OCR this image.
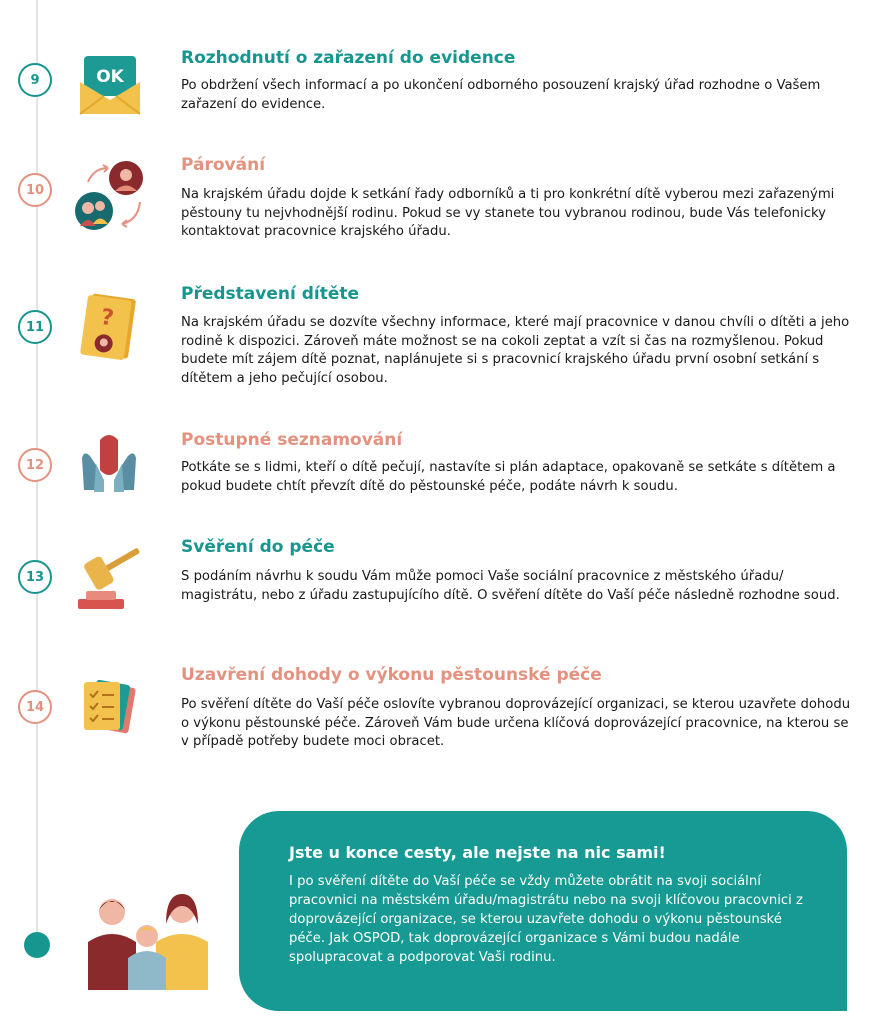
9	OK
Rozhodnutí o zařazení do evidence
Po obdržení všech informací a po ukončení odborného posouzení krajský úřad rozhodne o Vašem zařazení do evidence.
10
Párování
Na krajském úřadu dojde k setkání řady odborníků a ti pro konkrétní dítě vyberou mezi zařazenými pěstouny tu nejvhodnější rodinu. Pokud se vy stanete tou vybranou rodinou, bude Vás telefonicky kontaktovat pracovnice krajského úřadu.
11	?
Představení dítěte
Na krajském úřadu se dozvíte všechny informace, které mají pracovnice v danou chvíli o dítěti a jeho rodině k dispozici. Zároveň máte možnost se na cokoli zeptat a vzít si čas na rozmyšlenou. Pokud budete mít zájem dítě poznat, naplánujete si s pracovnicí krajského úřadu první osobní setkání s dítětem a jeho pečující osobou.
12
Postupné seznamování
Potkáte se s lidmi, kteří o dítě pečují, nastavíte si plán adaptace, opakovaně se setkáte s dítětem a pokud budete chtít převzít dítě do pěstounské péče, podáte návrh k soudu.
13
Svěření do péče
S podáním návrhu k soudu Vám může pomoci Vaše sociální pracovnice z městského úřadu/ magistrátu, nebo z úřadu zastupujícího dítě. O svěření dítěte do Vaší péče následně rozhodne soud.
14
Uzavření dohody o výkonu pěstounské péče
Po svěření dítěte do Vaší péče oslovíte vybranou doprovázející organizaci, se kterou uzavřete dohodu o výkonu pěstounské péče. Zároveň Vám bude určena klíčová doprovázející pracovnice, na kterou se v případě potřeby budete moci obracet.
Jste u konce cesty, ale nejste na nic sami!

I po svěření dítěte do Vaší péče se vždy můžete obrátit na svoji sociální pracovnici na městském úřadu/magistrátu nebo na svoji klíčovou pracovnici z doprovázející organizace, se kterou uzavřete dohodu o výkonu pěstounské péče. Jak OSPOD, tak doprovázející organizace s Vámi budou nadále spolupracovat a podporovat Vaši rodinu.
